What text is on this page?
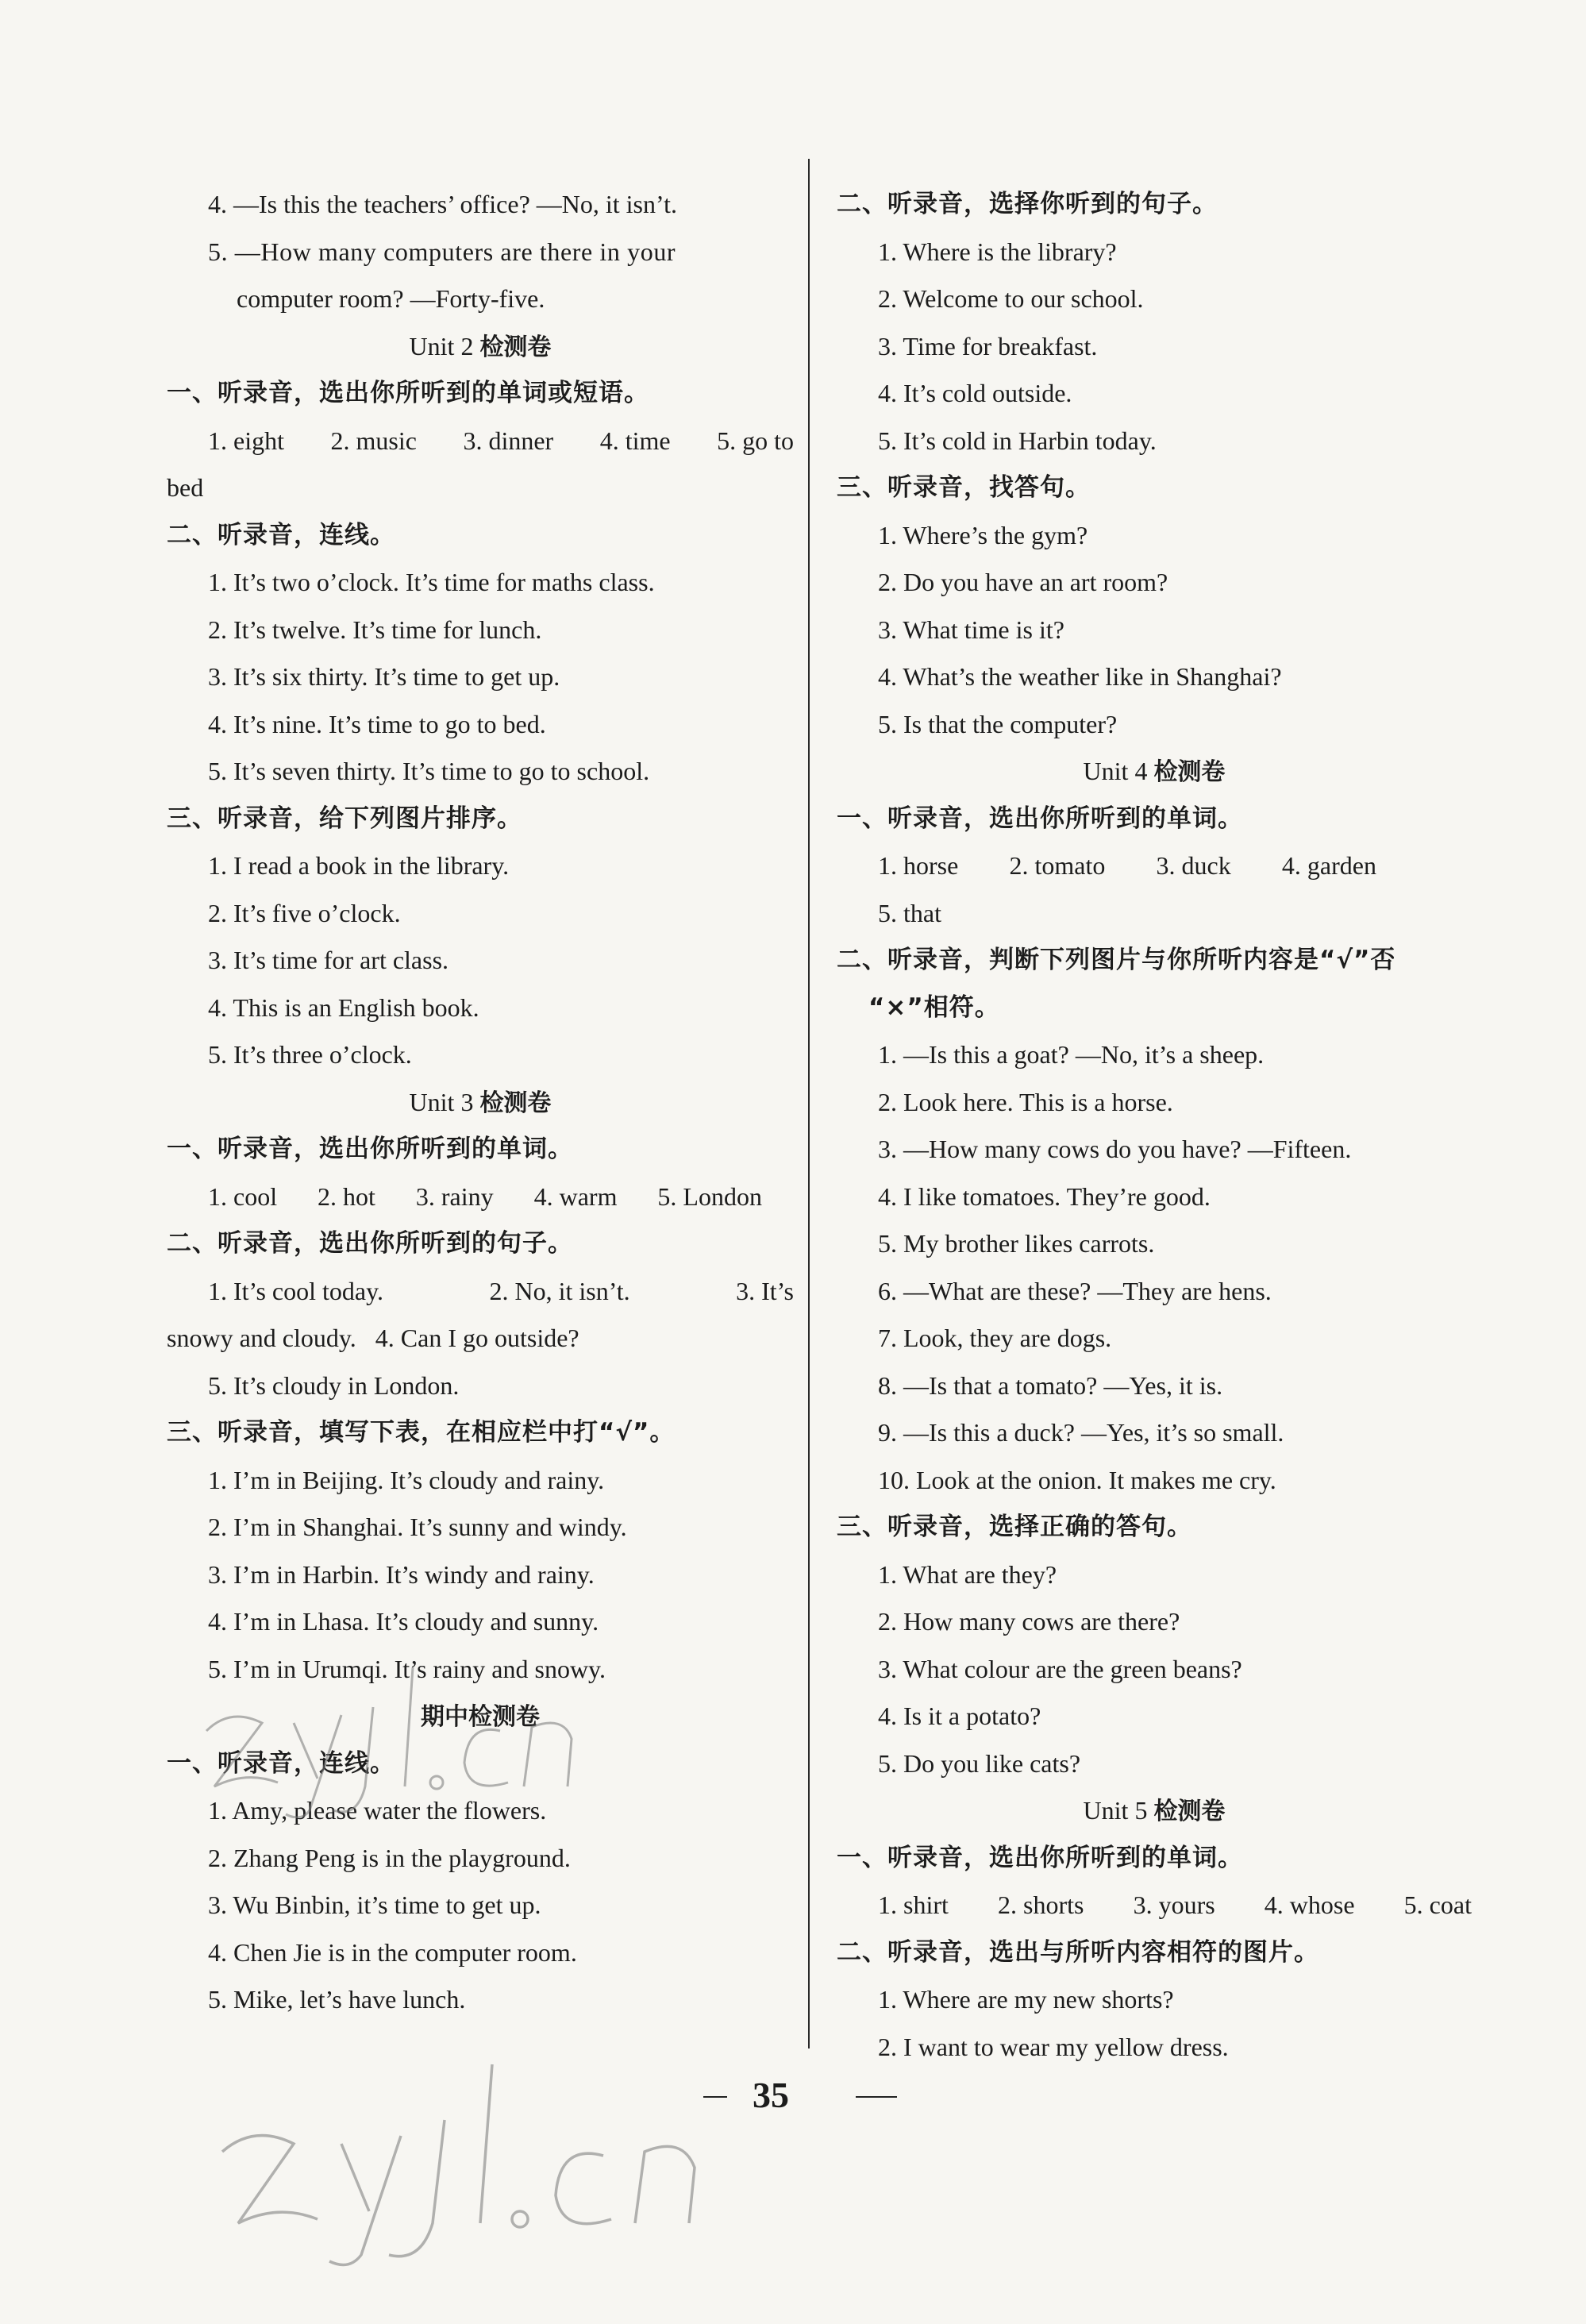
4. —Is this the teachers’ office? —No, it isn’t.
5. —How many computers are there in your
computer room? —Forty-five.
Unit 2 检测卷
一、听录音，选出你所听到的单词或短语。
1. eight 2. music 3. dinner 4. time 5. go to
bed
二、听录音，连线。
1. It’s two o’clock. It’s time for maths class.
2. It’s twelve. It’s time for lunch.
3. It’s six thirty. It’s time to get up.
4. It’s nine. It’s time to go to bed.
5. It’s seven thirty. It’s time to go to school.
三、听录音，给下列图片排序。
1. I read a book in the library.
2. It’s five o’clock.
3. It’s time for art class.
4. This is an English book.
5. It’s three o’clock.
Unit 3 检测卷
一、听录音，选出你所听到的单词。
1. cool 2. hot 3. rainy 4. warm 5. London
二、听录音，选出你所听到的句子。
1. It’s cool today.	2. No, it isn’t.	3. It’s
snowy and cloudy.   4. Can I go outside?
5. It’s cloudy in London.
三、听录音，填写下表，在相应栏中打“√”。
1. I’m in Beijing. It’s cloudy and rainy.
2. I’m in Shanghai. It’s sunny and windy.
3. I’m in Harbin. It’s windy and rainy.
4. I’m in Lhasa. It’s cloudy and sunny.
5. I’m in Urumqi. It’s rainy and snowy.
期中检测卷
一、听录音，连线。
1. Amy, please water the flowers.
2. Zhang Peng is in the playground.
3. Wu Binbin, it’s time to get up.
4. Chen Jie is in the computer room.
5. Mike, let’s have lunch.
二、听录音，选择你听到的句子。
1. Where is the library?
2. Welcome to our school.
3. Time for breakfast.
4. It’s cold outside.
5. It’s cold in Harbin today.
三、听录音，找答句。
1. Where’s the gym?
2. Do you have an art room?
3. What time is it?
4. What’s the weather like in Shanghai?
5. Is that the computer?
Unit 4 检测卷
一、听录音，选出你所听到的单词。
1. horse 2. tomato 3. duck 4. garden
5. that
二、听录音，判断下列图片与你所听内容是“√”否
“×”相符。
1. —Is this a goat? —No, it’s a sheep.
2. Look here. This is a horse.
3. —How many cows do you have? —Fifteen.
4. I like tomatoes. They’re good.
5. My brother likes carrots.
6. —What are these? —They are hens.
7. Look, they are dogs.
8. —Is that a tomato? —Yes, it is.
9. —Is this a duck? —Yes, it’s so small.
10. Look at the onion. It makes me cry.
三、听录音，选择正确的答句。
1. What are they?
2. How many cows are there?
3. What colour are the green beans?
4. Is it a potato?
5. Do you like cats?
Unit 5 检测卷
一、听录音，选出你所听到的单词。
1. shirt 2. shorts 3. yours 4. whose 5. coat
二、听录音，选出与所听内容相符的图片。
1. Where are my new shorts?
2. I want to wear my yellow dress.
35
